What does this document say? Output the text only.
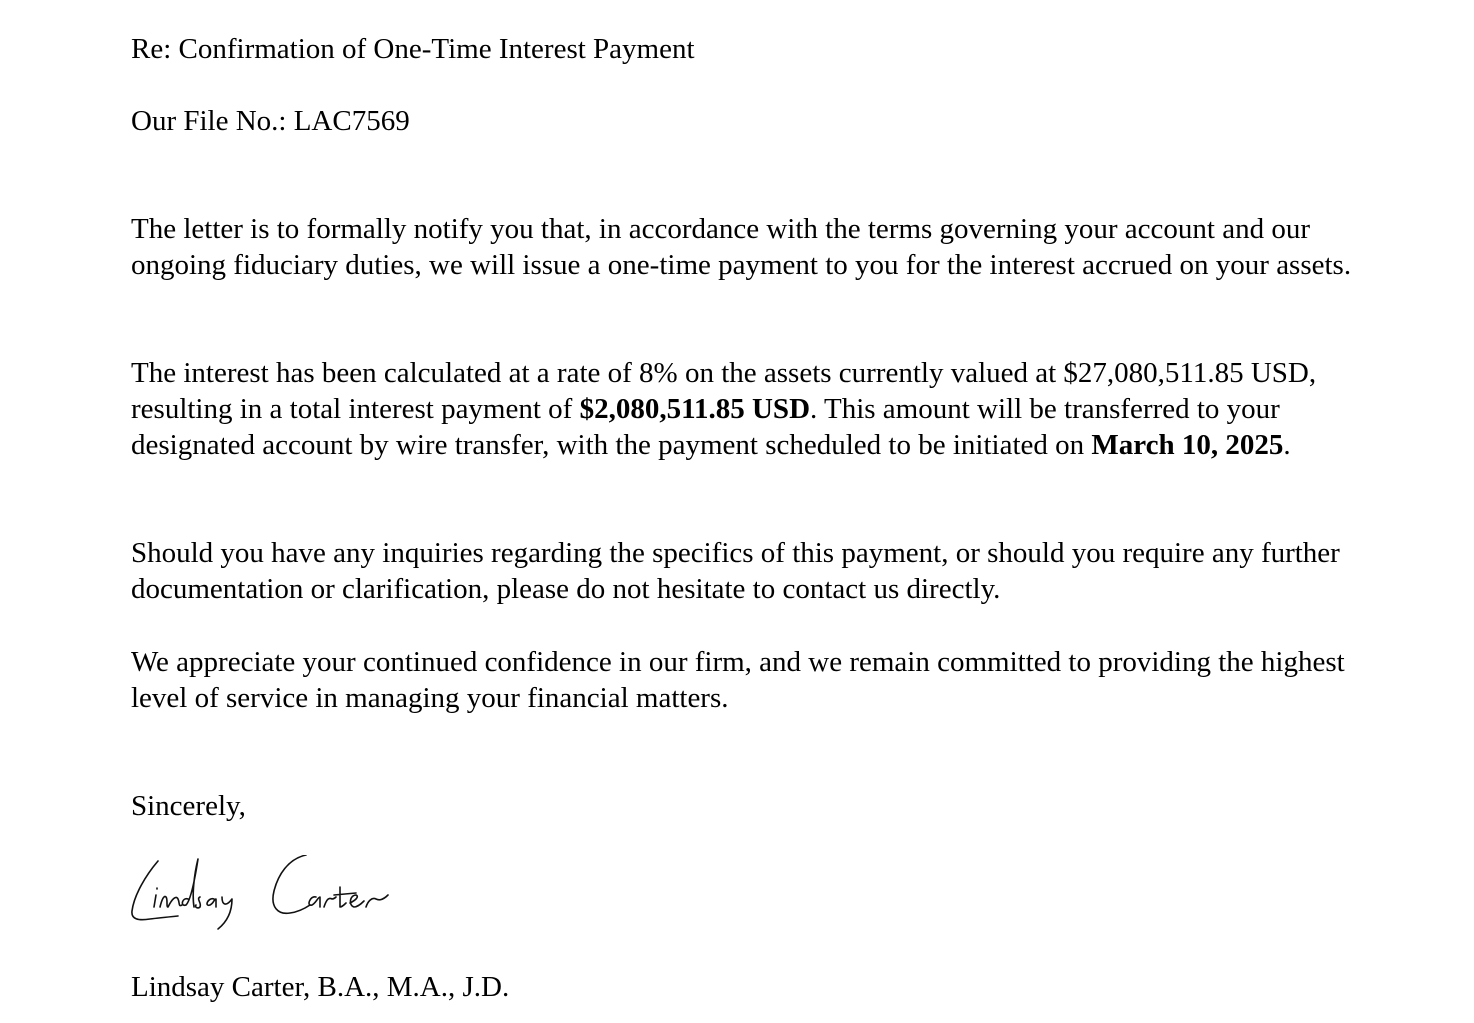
Re: Confirmation of One-Time Interest Payment
Our File No.: LAC7569

The letter is to formally notify you that, in accordance with the terms governing your account and our ongoing fiduciary duties, we will issue a one-time payment to you for the interest accrued on your assets.

The interest has been calculated at a rate of 8% on the assets currently valued at $27,080,511.85 USD, resulting in a total interest payment of $2,080,511.85 USD. This amount will be transferred to your designated account by wire transfer, with the payment scheduled to be initiated on March 10, 2025.

Should you have any inquiries regarding the specifics of this payment, or should you require any further documentation or clarification, please do not hesitate to contact us directly.

We appreciate your continued confidence in our firm, and we remain committed to providing the highest level of service in managing your financial matters.

Sincerely,
Lindsay Carter, B.A., M.A., J.D.
